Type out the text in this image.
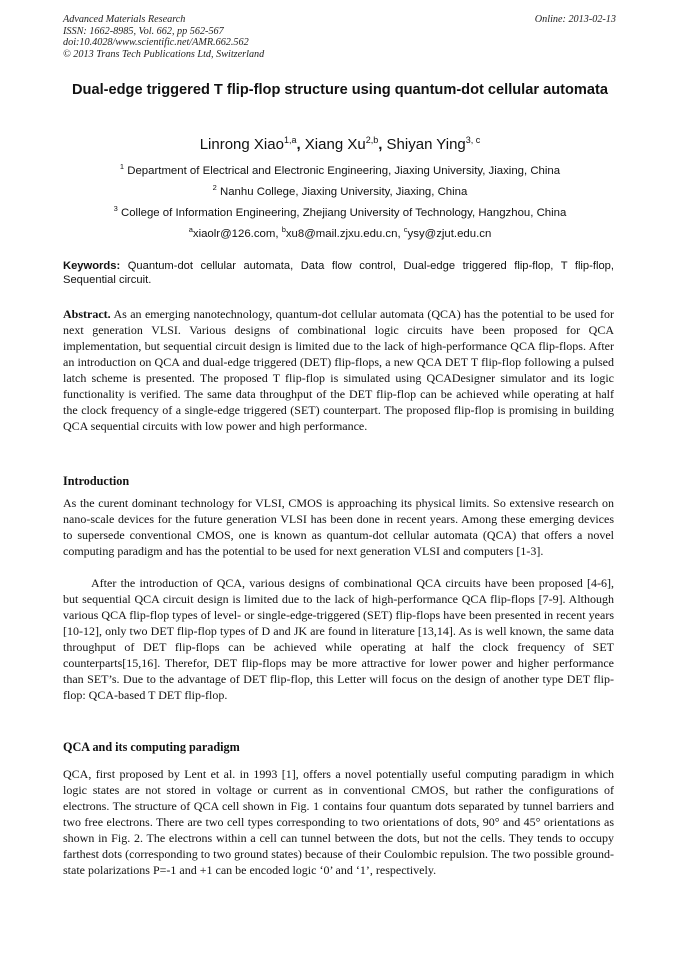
Advanced Materials Research
ISSN: 1662-8985, Vol. 662, pp 562-567
doi:10.4028/www.scientific.net/AMR.662.562
© 2013 Trans Tech Publications Ltd, Switzerland
Online: 2013-02-13
Dual-edge triggered T flip-flop structure using quantum-dot cellular automata
Linrong Xiao$^{1,a}$, Xiang Xu$^{2,b}$, Shiyan Ying$^{3, c}$
$^1$ Department of Electrical and Electronic Engineering, Jiaxing University, Jiaxing, China
$^2$ Nanhu College, Jiaxing University, Jiaxing, China
$^3$ College of Information Engineering, Zhejiang University of Technology, Hangzhou, China
$^a$xiaolr@126.com, $^b$xu8@mail.zjxu.edu.cn, $^c$ysy@zjut.edu.cn
Keywords: Quantum-dot cellular automata, Data flow control, Dual-edge triggered flip-flop, T flip-flop, Sequential circuit.
Abstract. As an emerging nanotechnology, quantum-dot cellular automata (QCA) has the potential to be used for next generation VLSI. Various designs of combinational logic circuits have been proposed for QCA implementation, but sequential circuit design is limited due to the lack of high-performance QCA flip-flops. After an introduction on QCA and dual-edge triggered (DET) flip-flops, a new QCA DET T flip-flop following a pulsed latch scheme is presented. The proposed T flip-flop is simulated using QCADesigner simulator and its logic functionality is verified. The same data throughput of the DET flip-flop can be achieved while operating at half the clock frequency of a single-edge triggered (SET) counterpart. The proposed flip-flop is promising in building QCA sequential circuits with low power and high performance.
Introduction
As the curent dominant technology for VLSI, CMOS is approaching its physical limits. So extensive research on nano-scale devices for the future generation VLSI has been done in recent years. Among these emerging devices to supersede conventional CMOS, one is known as quantum-dot cellular automata (QCA) that offers a novel computing paradigm and has the potential to be used for next generation VLSI and computers [1-3].
After the introduction of QCA, various designs of combinational QCA circuits have been proposed [4-6], but sequential QCA circuit design is limited due to the lack of high-performance QCA flip-flops [7-9]. Although various QCA flip-flop types of level- or single-edge-triggered (SET) flip-flops have been presented in recent years [10-12], only two DET flip-flop types of D and JK are found in literature [13,14]. As is well known, the same data throughput of DET flip-flops can be achieved while operating at half the clock frequency of SET counterparts[15,16]. Therefor, DET flip-flops may be more attractive for lower power and higher performance than SET’s. Due to the advantage of DET flip-flop, this Letter will focus on the design of another type DET flip-flop: QCA-based T DET flip-flop.
QCA and its computing paradigm
QCA, first proposed by Lent et al. in 1993 [1], offers a novel potentially useful computing paradigm in which logic states are not stored in voltage or current as in conventional CMOS, but rather the configurations of electrons. The structure of QCA cell shown in Fig. 1 contains four quantum dots separated by tunnel barriers and two free electrons. There are two cell types corresponding to two orientations of dots, 90° and 45° orientations as shown in Fig. 2. The electrons within a cell can tunnel between the dots, but not the cells. They tends to occupy farthest dots (corresponding to two ground states) because of their Coulombic repulsion. The two possible ground-state polarizations P=-1 and +1 can be encoded logic ‘0’ and ‘1’, respectively.
